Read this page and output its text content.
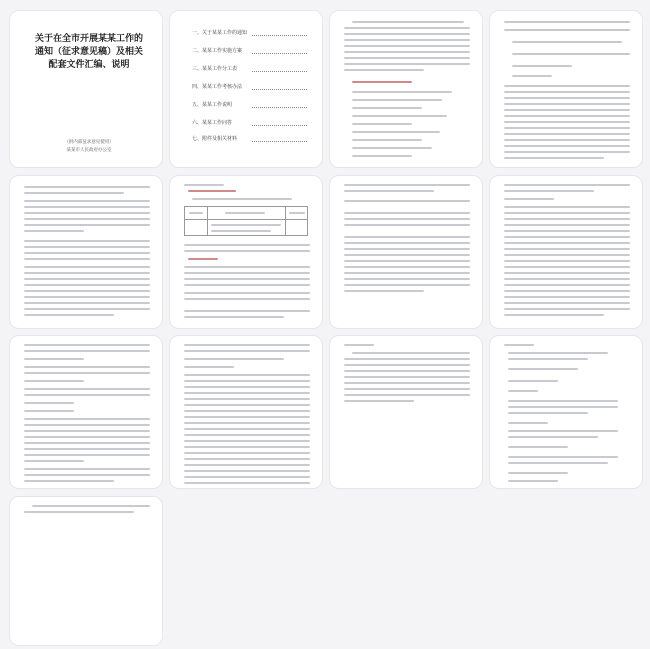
关于在全市开展某某工作的
通知（征求意见稿）及相关
配套文件汇编、说明
（供内部征求意见使用）
某某市人民政府办公室
一、关于某某工作的通知
二、某某工作实施方案
三、某某工作分工表
四、某某工作考核办法
五、某某工作说明
六、某某工作问答
七、附件及相关材料
